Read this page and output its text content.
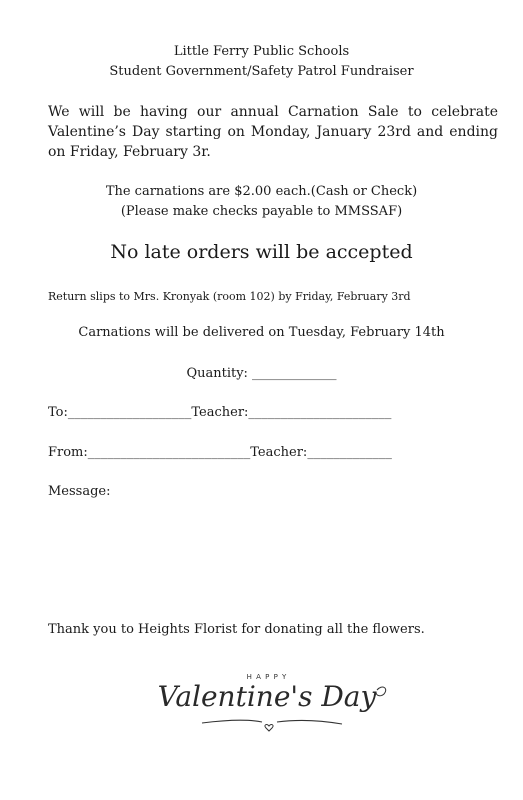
Little Ferry Public Schools
Student Government/Safety Patrol Fundraiser
We will be having our annual Carnation Sale to celebrate
Valentine’s Day starting on Monday, January 23rd and ending
on Friday, February 3r.
The carnations are $2.00 each.(Cash or Check)
(Please make checks payable to MMSSAF)
No late orders will be accepted
Return slips to Mrs. Kronyak (room 102) by Friday, February 3rd
Carnations will be delivered on Tuesday, February 14th
Quantity: _____________
To:___________________Teacher:______________________
From:_________________________Teacher:_____________
Message:
Thank you to Heights Florist for donating all the flowers.
H A P P Y
Valentine's Day
